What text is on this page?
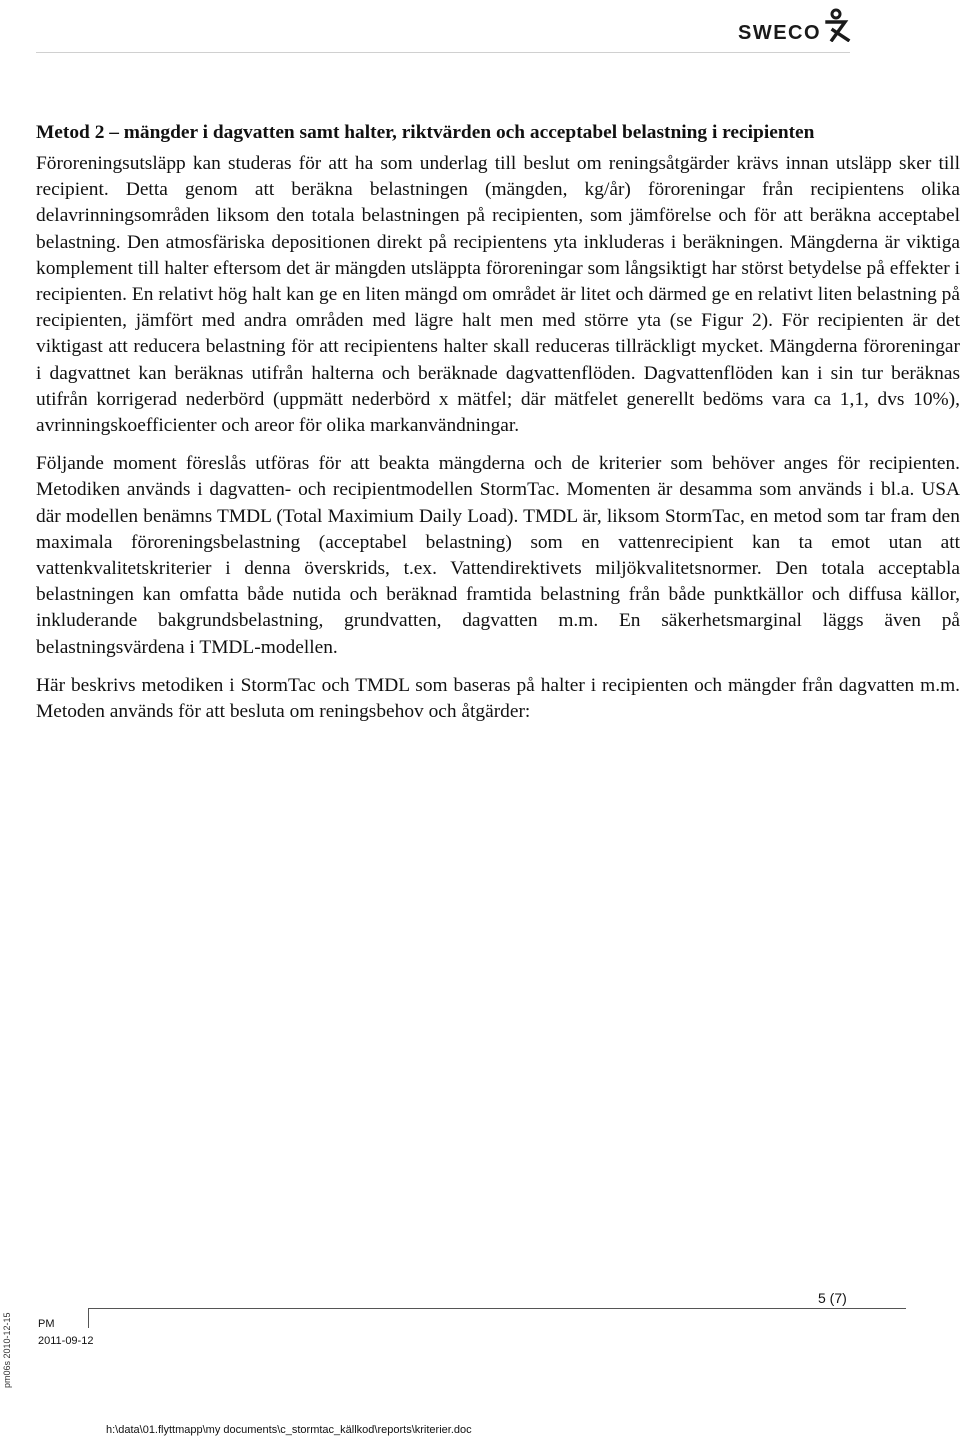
SWECO
Metod 2 – mängder i dagvatten samt halter, riktvärden och acceptabel belastning i recipienten

Föroreningsutsläpp kan studeras för att ha som underlag till beslut om reningsåtgärder krävs innan utsläpp sker till recipient. Detta genom att beräkna belastningen (mängden, kg/år) föroreningar från recipientens olika delavrinningsområden liksom den totala belastningen på recipienten, som jämförelse och för att beräkna acceptabel belastning. Den atmosfäriska depositionen direkt på recipientens yta inkluderas i beräkningen. Mängderna är viktiga komplement till halter eftersom det är mängden utsläppta föroreningar som långsiktigt har störst betydelse på effekter i recipienten. En relativt hög halt kan ge en liten mängd om området är litet och därmed ge en relativt liten belastning på recipienten, jämfört med andra områden med lägre halt men med större yta (se Figur 2). För recipienten är det viktigast att reducera belastning för att recipientens halter skall reduceras tillräckligt mycket. Mängderna föroreningar i dagvattnet kan beräknas utifrån halterna och beräknade dagvattenflöden. Dagvattenflöden kan i sin tur beräknas utifrån korrigerad nederbörd (uppmätt nederbörd x mätfel; där mätfelet generellt bedöms vara ca 1,1, dvs 10%), avrinningskoefficienter och areor för olika markanvändningar.

Följande moment föreslås utföras för att beakta mängderna och de kriterier som behöver anges för recipienten. Metodiken används i dagvatten- och recipientmodellen StormTac. Momenten är desamma som används i bl.a. USA där modellen benämns TMDL (Total Maximium Daily Load). TMDL är, liksom StormTac, en metod som tar fram den maximala föroreningsbelastning (acceptabel belastning) som en vattenrecipient kan ta emot utan att vattenkvalitetskriterier i denna överskrids, t.ex. Vattendirektivets miljökvalitetsnormer. Den totala acceptabla belastningen kan omfatta både nutida och beräknad framtida belastning från både punktkällor och diffusa källor, inkluderande bakgrundsbelastning, grundvatten, dagvatten m.m. En säkerhetsmarginal läggs även på belastningsvärdena i TMDL-modellen.

Här beskrivs metodiken i StormTac och TMDL som baseras på halter i recipienten och mängder från dagvatten m.m. Metoden används för att besluta om reningsbehov och åtgärder:

pm06s 2010-12-15
5 (7)
PM
2011-09-12
h:\data\01.flyttmapp\my documents\c_stormtac_källkod\reports\kriterier.doc
